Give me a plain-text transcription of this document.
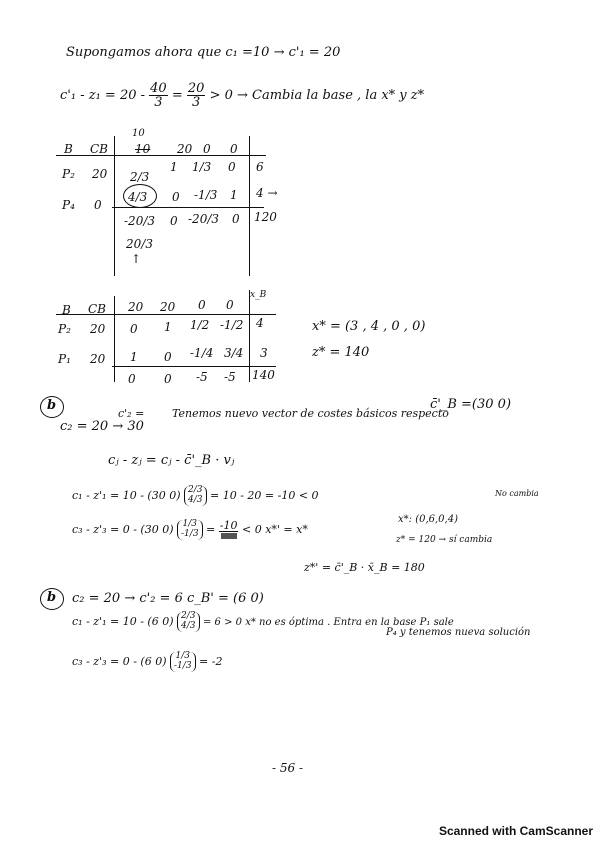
Supongamos ahora que c₁ =10 → c'₁ = 20
$c'_1 - z_1 = 20 - \frac{40}{3} = \frac{20}{3} > 0$ → Cambia la base , la x* y z*
10
B CB 10 20 0 0
P₂ 20 2/3
1 1/3 0 6
P₄ 0
4/3 0 -1/3 1 4 →
-20/3 0 -20/3 0 120
20/3
↑
B CB 20 20 0 0
x_B
P₂ 20 0 1 1/2 -1/2 4
P₁ 20 1 0 -1/4 3/4 3
0 0 -5 -5 140
x* = (3 , 4 , 0 , 0)
z* = 140
b
c'₂ =
c₂ = 20 → 30
Tenemos nuevo vector de costes básicos respecto
c̄'_B =(30 0)
cⱼ - zⱼ = cⱼ - c̄'_B · vⱼ
c₁ - z'₁ = 10 - (30 0) 2/3
4/3 = 10 - 20 = -10 < 0
c₃ - z'₃ = 0 - (30 0) 1/3
-1/3 = -10 < 0 x*' = x*
No cambia
x*: (0,6,0,4)
z* = 120 → sí cambia
z*' = c̄'_B · x̄_B = 180
b c₂ = 20 → c'₂ = 6 c_B' = (6 0)
c₁ - z'₁ = 10 - (6 0) 2/3
4/3 = 6 > 0 x* no es óptima . Entra en la base P₁ sale
P₄ y tenemos nueva solución
c₃ - z'₃ = 0 - (6 0) 1/3
-1/3 = -2
- 56 -
Scanned with CamScanner
